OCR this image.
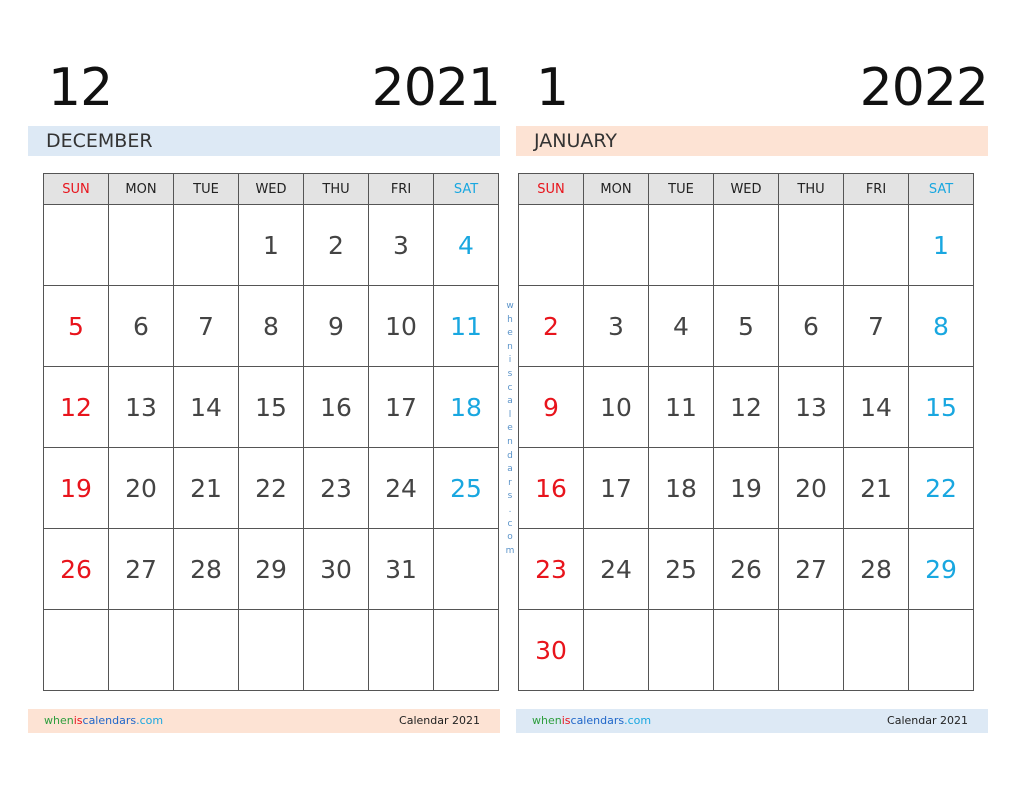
12	2021
DECEMBER
SUN	MON	TUE	WED	THU	FRI	SAT
			1	2	3	4
5	6	7	8	9	10	11
12	13	14	15	16	17	18
19	20	21	22	23	24	25
26	27	28	29	30	31	

wheniscalendars.com	Calendar 2021
1	2022
JANUARY
SUN	MON	TUE	WED	THU	FRI	SAT
						1
2	3	4	5	6	7	8
9	10	11	12	13	14	15
16	17	18	19	20	21	22
23	24	25	26	27	28	29
30						
wheniscalendars.com	Calendar 2021
w
h
e
n
i
s
c
a
l
e
n
d
a
r
s
.
c
o
m
